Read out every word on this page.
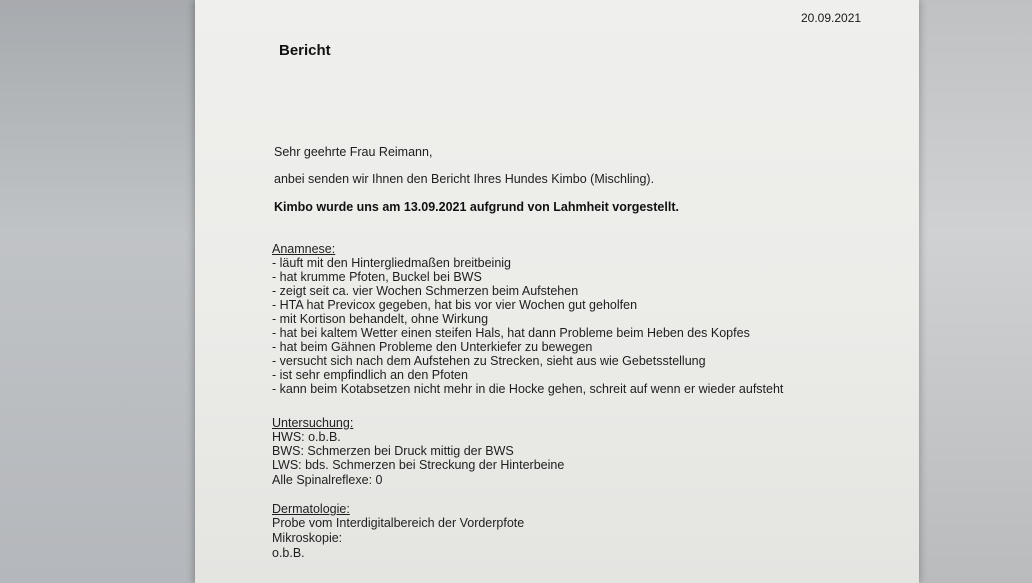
20.09.2021
Bericht
Sehr geehrte Frau Reimann,
anbei senden wir Ihnen den Bericht Ihres Hundes Kimbo (Mischling).
Kimbo wurde uns am 13.09.2021 aufgrund von Lahmheit vorgestellt.
Anamnese:
- läuft mit den Hintergliedmaßen breitbeinig
- hat krumme Pfoten, Buckel bei BWS
- zeigt seit ca. vier Wochen Schmerzen beim Aufstehen
- HTA hat Previcox gegeben, hat bis vor vier Wochen gut geholfen
- mit Kortison behandelt, ohne Wirkung
- hat bei kaltem Wetter einen steifen Hals, hat dann Probleme beim Heben des Kopfes
- hat beim Gähnen Probleme den Unterkiefer zu bewegen
- versucht sich nach dem Aufstehen zu Strecken, sieht aus wie Gebetsstellung
- ist sehr empfindlich an den Pfoten
- kann beim Kotabsetzen nicht mehr in die Hocke gehen, schreit auf wenn er wieder aufsteht
Untersuchung:
HWS: o.b.B.
BWS: Schmerzen bei Druck mittig der BWS
LWS: bds. Schmerzen bei Streckung der Hinterbeine
Alle Spinalreflexe: 0
Dermatologie:
Probe vom Interdigitalbereich der Vorderpfote
Mikroskopie:
o.b.B.
